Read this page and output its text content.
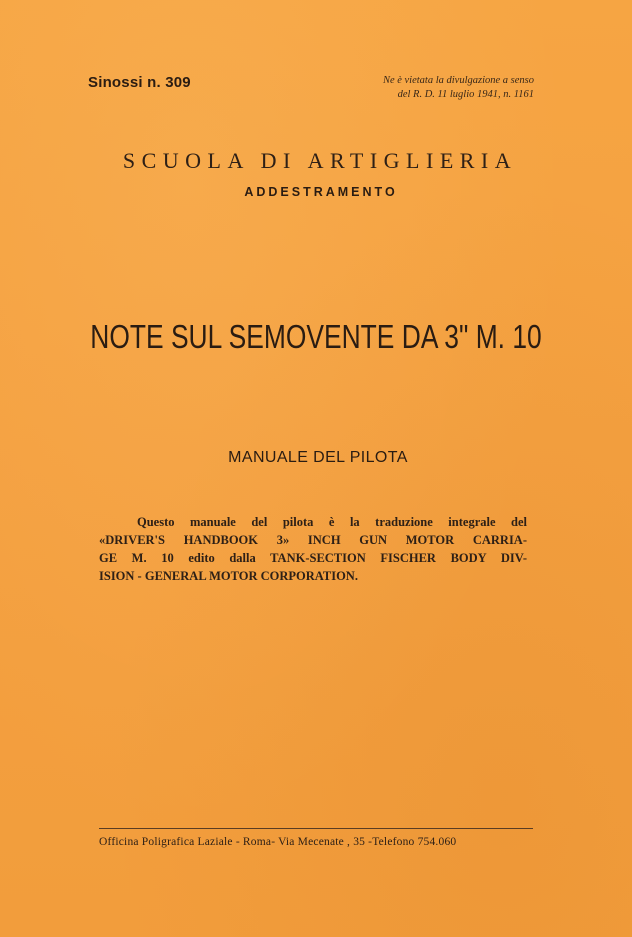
Sinossi n. 309	Ne è vietata la divulgazione a senso
del R. D. 11 luglio 1941, n. 1161
SCUOLA DI ARTIGLIERIA
ADDESTRAMENTO
NOTE SUL SEMOVENTE DA 3" M. 10
MANUALE DEL PILOTA
Questo manuale del pilota è la traduzione integrale del
«DRIVER'S HANDBOOK 3» INCH GUN MOTOR CARRIA-
GE M. 10 edito dalla TANK-SECTION FISCHER BODY DIV-
ISION - GENERAL MOTOR CORPORATION.
Officina Poligrafica Laziale - Roma- Via Mecenate , 35 -Telefono 754.060
